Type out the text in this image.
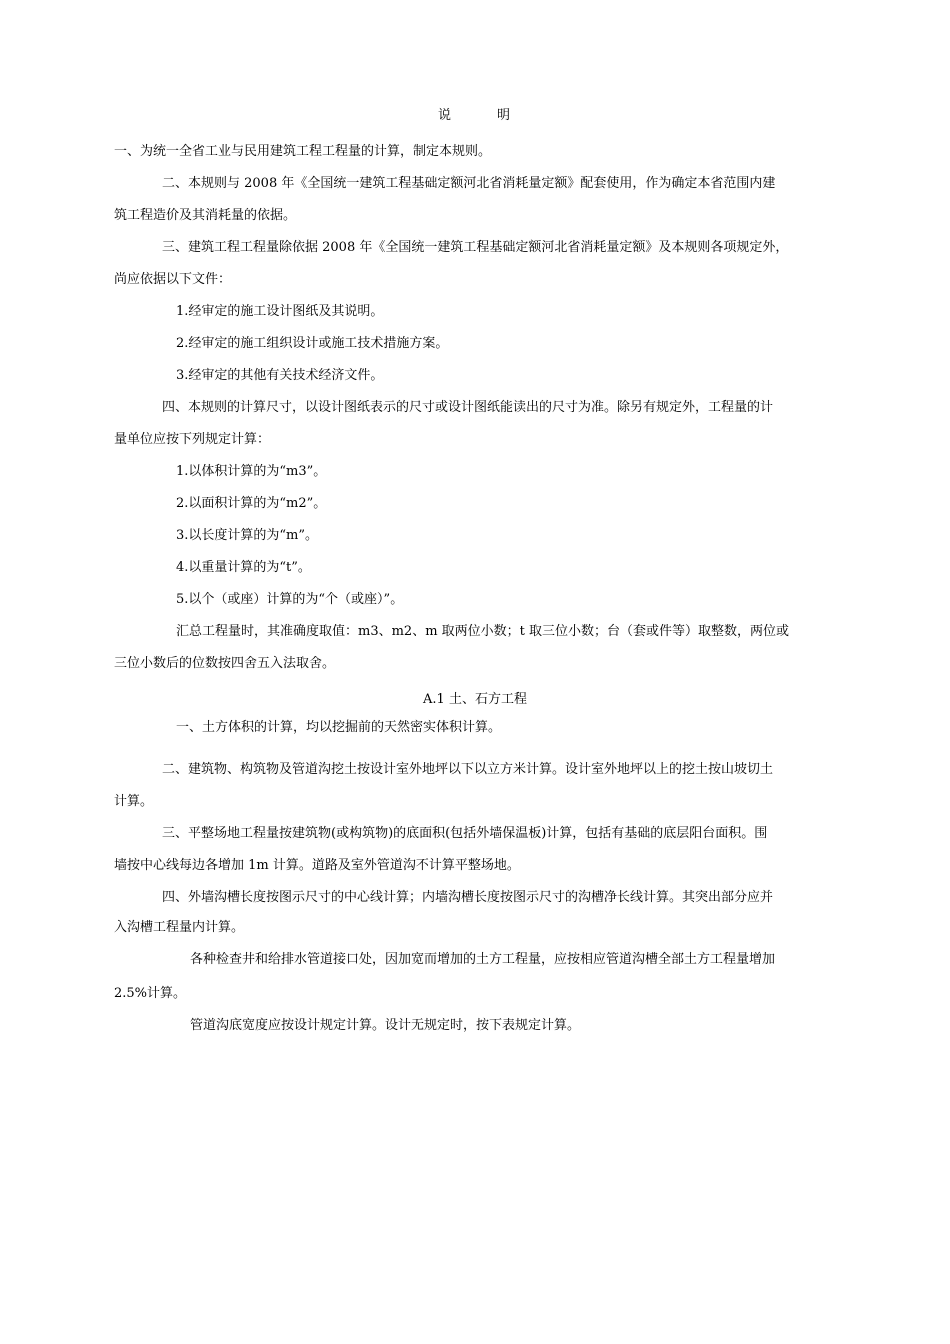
说	明
一、为统一全省工业与民用建筑工程工程量的计算，制定本规则。
二、本规则与 2008 年《全国统一建筑工程基础定额河北省消耗量定额》配套使用，作为确定本省范围内建
筑工程造价及其消耗量的依据。
三、建筑工程工程量除依据 2008 年《全国统一建筑工程基础定额河北省消耗量定额》及本规则各项规定外，
尚应依据以下文件：
1.经审定的施工设计图纸及其说明。
2.经审定的施工组织设计或施工技术措施方案。
3.经审定的其他有关技术经济文件。
四、本规则的计算尺寸，以设计图纸表示的尺寸或设计图纸能读出的尺寸为准。除另有规定外，工程量的计
量单位应按下列规定计算：
1.以体积计算的为“m3”。
2.以面积计算的为“m2”。
3.以长度计算的为“m”。
4.以重量计算的为“t”。
5.以个（或座）计算的为“个（或座）”。
汇总工程量时，其准确度取值：m3、m2、m 取两位小数；t 取三位小数；台（套或件等）取整数，两位或
三位小数后的位数按四舍五入法取舍。
A.1 土、石方工程
一、土方体积的计算，均以挖掘前的天然密实体积计算。
二、建筑物、构筑物及管道沟挖土按设计室外地坪以下以立方米计算。设计室外地坪以上的挖土按山坡切土
计算。
三、平整场地工程量按建筑物(或构筑物)的底面积(包括外墙保温板)计算，包括有基础的底层阳台面积。围
墙按中心线每边各增加 1m 计算。道路及室外管道沟不计算平整场地。
四、外墙沟槽长度按图示尺寸的中心线计算；内墙沟槽长度按图示尺寸的沟槽净长线计算。其突出部分应并
入沟槽工程量内计算。
各种检查井和给排水管道接口处，因加宽而增加的土方工程量，应按相应管道沟槽全部土方工程量增加
2.5%计算。
管道沟底宽度应按设计规定计算。设计无规定时，按下表规定计算。
